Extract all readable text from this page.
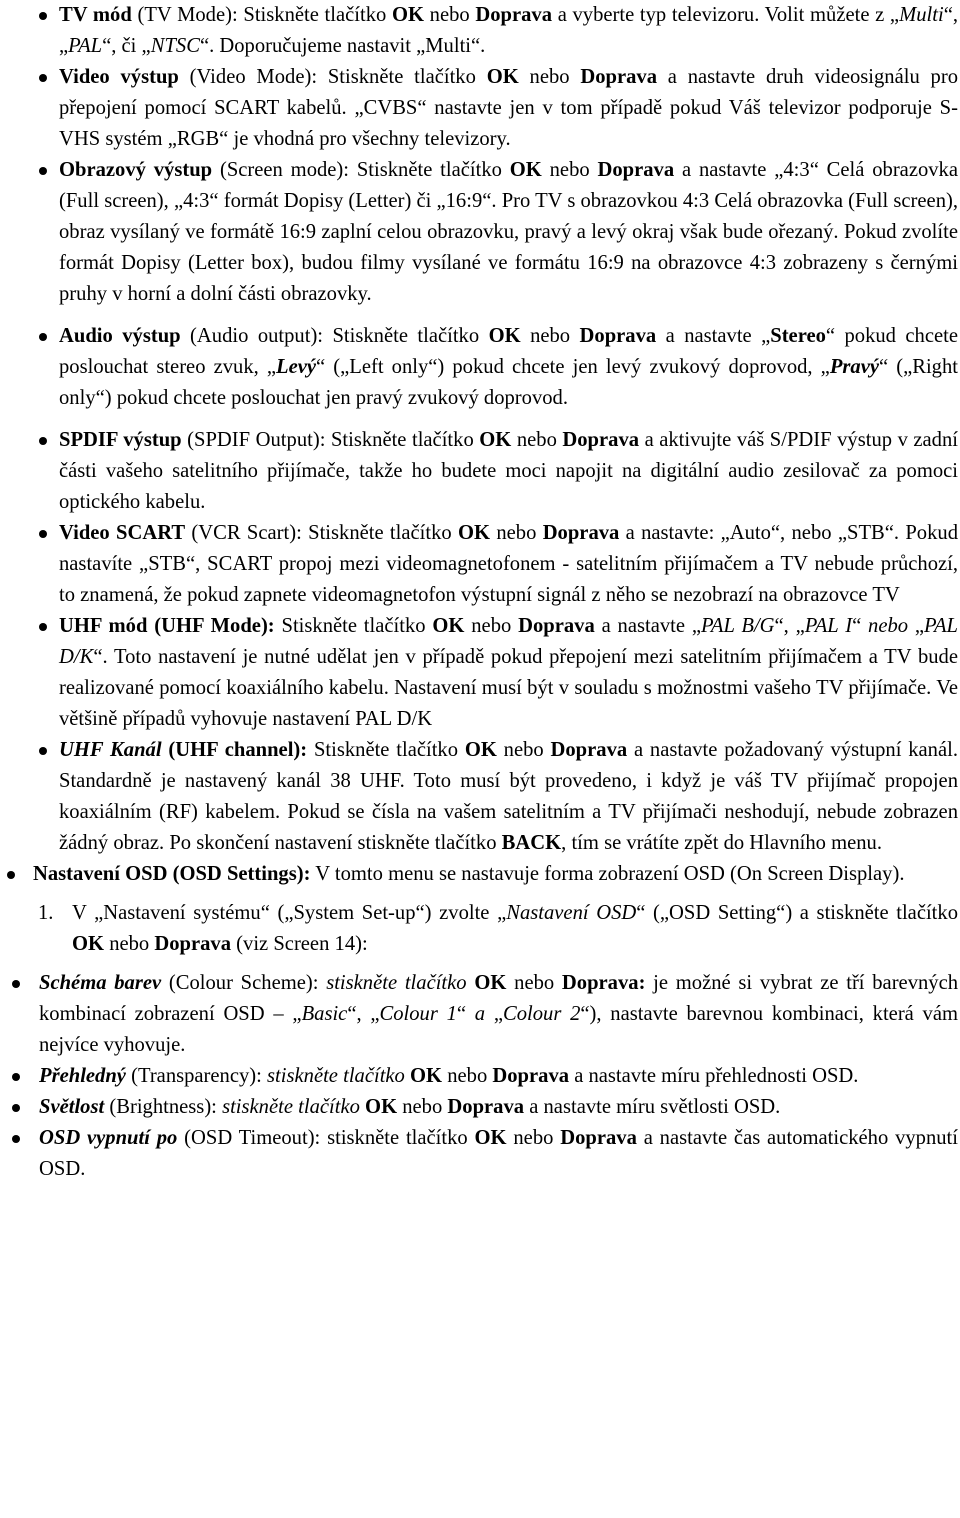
TV mód (TV Mode): Stiskněte tlačítko OK nebo Doprava a vyberte typ televizoru. Volit můžete z „Multi“, „PAL“, či „NTSC“. Doporučujeme nastavit „Multi“.
Video výstup (Video Mode): Stiskněte tlačítko OK nebo Doprava a nastavte druh videosignálu pro přepojení pomocí SCART kabelů. „CVBS“ nastavte jen v tom případě pokud Váš televizor podporuje S-VHS systém „RGB“ je vhodná pro všechny televizory.
Obrazový výstup (Screen mode): Stiskněte tlačítko OK nebo Doprava a nastavte „4:3“ Celá obrazovka (Full screen), „4:3“ formát Dopisy (Letter) či „16:9“. Pro TV s obrazovkou 4:3 Celá obrazovka (Full screen), obraz vysílaný ve formátě 16:9 zaplní celou obrazovku, pravý a levý okraj však bude ořezaný. Pokud zvolíte formát Dopisy (Letter box), budou filmy vysílané ve formátu 16:9 na obrazovce 4:3 zobrazeny s černými pruhy v horní a dolní části obrazovky.
Audio výstup (Audio output): Stiskněte tlačítko OK nebo Doprava a nastavte „Stereo“ pokud chcete poslouchat stereo zvuk, „Levý“ („Left only“) pokud chcete jen levý zvukový doprovod, „Pravý“ („Right only“) pokud chcete poslouchat jen pravý zvukový doprovod.
SPDIF výstup (SPDIF Output): Stiskněte tlačítko OK nebo Doprava a aktivujte váš S/PDIF výstup v zadní části vašeho satelitního přijímače, takže ho budete moci napojit na digitální audio zesilovač za pomoci optického kabelu.
Video SCART (VCR Scart): Stiskněte tlačítko OK nebo Doprava a nastavte: „Auto“, nebo „STB“. Pokud nastavíte „STB“, SCART propoj mezi videomagnetofonem - satelitním přijímačem a TV nebude průchozí, to znamená, že pokud zapnete videomagnetofon výstupní signál z něho se nezobrazí na obrazovce TV
UHF mód (UHF Mode): Stiskněte tlačítko OK nebo Doprava a nastavte „PAL B/G“, „PAL I“ nebo „PAL D/K“. Toto nastavení je nutné udělat jen v případě pokud přepojení mezi satelitním přijímačem a TV bude realizované pomocí koaxiálního kabelu. Nastavení musí být v souladu s možnostmi vašeho TV přijímače. Ve většině případů vyhovuje nastavení PAL D/K
UHF Kanál (UHF channel): Stiskněte tlačítko OK nebo Doprava a nastavte požadovaný výstupní kanál. Standardně je nastavený kanál 38 UHF. Toto musí být provedeno, i když je váš TV přijímač propojen koaxiálním (RF) kabelem. Pokud se čísla na vašem satelitním a TV přijímači neshodují, nebude zobrazen žádný obraz. Po skončení nastavení stiskněte tlačítko BACK, tím se vrátíte zpět do Hlavního menu.
Nastavení OSD (OSD Settings): V tomto menu se nastavuje forma zobrazení OSD (On Screen Display).
1. V „Nastavení systému“ („System Set-up“) zvolte „Nastavení OSD“ („OSD Setting“) a stiskněte tlačítko OK nebo Doprava (viz Screen 14):
Schéma barev (Colour Scheme): stiskněte tlačítko OK nebo Doprava: je možné si vybrat ze tří barevných kombinací zobrazení OSD – „Basic“, „Colour 1“ a „Colour 2“), nastavte barevnou kombinaci, která vám nejvíce vyhovuje.
Přehledný (Transparency): stiskněte tlačítko OK nebo Doprava a nastavte míru přehlednosti OSD.
Světlost (Brightness): stiskněte tlačítko OK nebo Doprava a nastavte míru světlosti OSD.
OSD vypnutí po (OSD Timeout): stiskněte tlačítko OK nebo Doprava a nastavte čas automatického vypnutí OSD.
